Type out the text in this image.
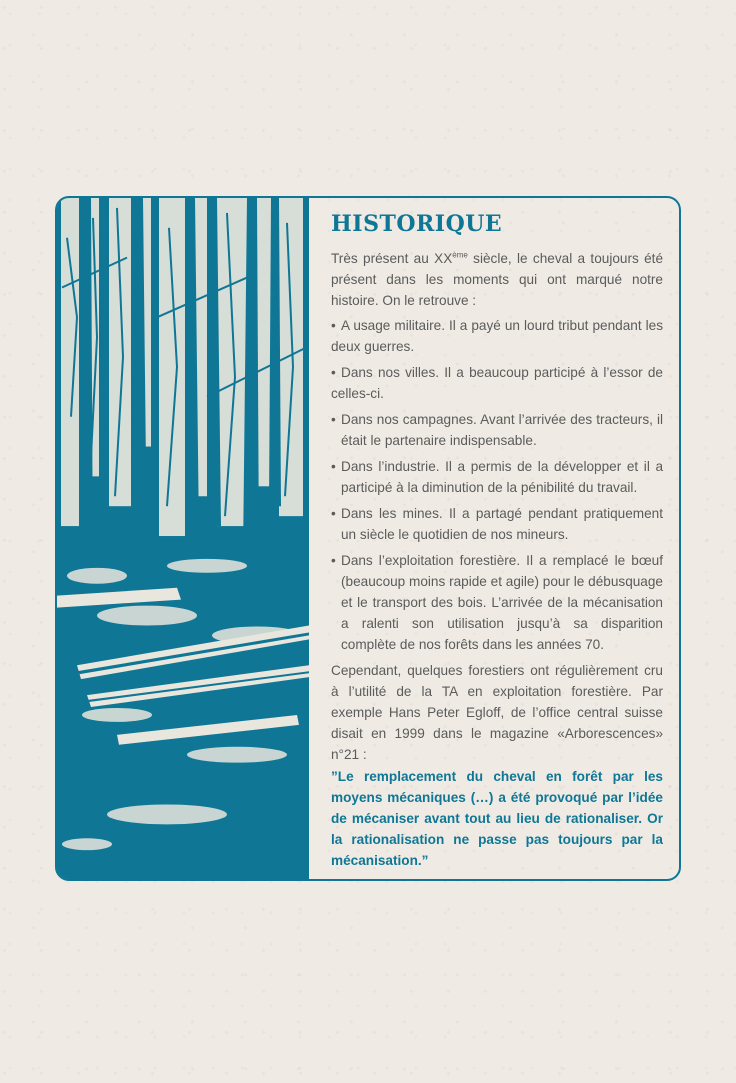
HISTORIQUE

Très présent au XXème siècle, le cheval a toujours été présent dans les moments qui ont marqué notre histoire. On le retrouve :

• A usage militaire. Il a payé un lourd tribut pendant les deux guerres.
• Dans nos villes. Il a beaucoup participé à l’essor de celles-ci.
• Dans nos campagnes. Avant l’arrivée des tracteurs, il était le partenaire indispensable.
• Dans l’industrie. Il a permis de la développer et il a participé à la diminution de la pénibilité du travail.
• Dans les mines. Il a partagé pendant pratiquement un siècle le quotidien de nos mineurs.
• Dans l’exploitation forestière. Il a remplacé le bœuf (beaucoup moins rapide et agile) pour le débusquage et le transport des bois. L’arrivée de la mécanisation a ralenti son utilisation jusqu’à sa disparition complète de nos forêts dans les années 70.

Cependant, quelques forestiers ont régulièrement cru à l’utilité de la TA en exploitation forestière. Par exemple Hans Peter Egloff, de l’office central suisse disait en 1999 dans le magazine «Arborescences» n°21 :

”Le remplacement du cheval en forêt par les moyens mécaniques (…) a été provoqué par l’idée de mécaniser avant tout au lieu de rationaliser. Or la rationalisation ne passe pas toujours par la mécanisation.”
